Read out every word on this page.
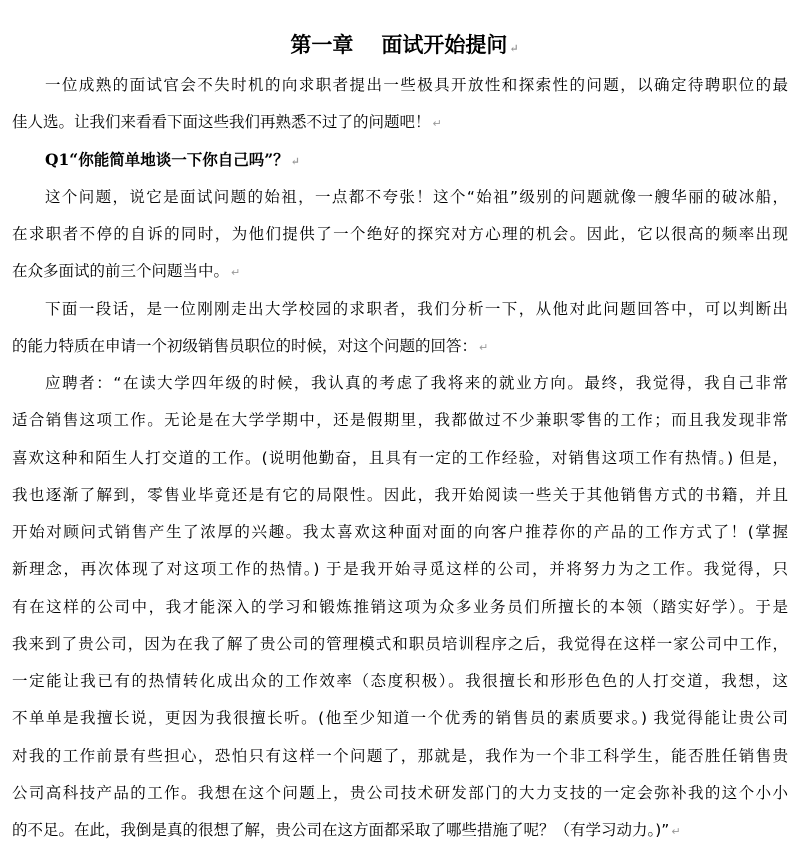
第一章 面试开始提问 ↵
一位成熟的面试官会不失时机的向求职者提出一些极具开放性和探索性的问题，以确定待聘职位的最
佳人选。让我们来看看下面这些我们再熟悉不过了的问题吧！ ↵
Q1“你能简单地谈一下你自己吗”？ ↵
这个问题，说它是面试问题的始祖，一点都不夸张！这个“始祖”级别的问题就像一艘华丽的破冰船，
在求职者不停的自诉的同时，为他们提供了一个绝好的探究对方心理的机会。因此，它以很高的频率出现
在众多面试的前三个问题当中。 ↵
下面一段话，是一位刚刚走出大学校园的求职者，我们分析一下，从他对此问题回答中，可以判断出
的能力特质在申请一个初级销售员职位的时候，对这个问题的回答： ↵
应聘者：“在读大学四年级的时候，我认真的考虑了我将来的就业方向。最终，我觉得，我自己非常
适合销售这项工作。无论是在大学学期中，还是假期里，我都做过不少兼职零售的工作；而且我发现非常
喜欢这种和陌生人打交道的工作。(说明他勤奋，且具有一定的工作经验，对销售这项工作有热情。) 但是，
我也逐渐了解到，零售业毕竟还是有它的局限性。因此，我开始阅读一些关于其他销售方式的书籍，并且
开始对顾问式销售产生了浓厚的兴趣。我太喜欢这种面对面的向客户推荐你的产品的工作方式了！(掌握
新理念，再次体现了对这项工作的热情。) 于是我开始寻觅这样的公司，并将努力为之工作。我觉得，只
有在这样的公司中，我才能深入的学习和锻炼推销这项为众多业务员们所擅长的本领（踏实好学）。于是
我来到了贵公司，因为在我了解了贵公司的管理模式和职员培训程序之后，我觉得在这样一家公司中工作，
一定能让我已有的热情转化成出众的工作效率（态度积极）。我很擅长和形形色色的人打交道，我想，这
不单单是我擅长说，更因为我很擅长听。(他至少知道一个优秀的销售员的素质要求。) 我觉得能让贵公司
对我的工作前景有些担心，恐怕只有这样一个问题了，那就是，我作为一个非工科学生，能否胜任销售贵
公司高科技产品的工作。我想在这个问题上，贵公司技术研发部门的大力支技的一定会弥补我的这个小小
的不足。在此，我倒是真的很想了解，贵公司在这方面都采取了哪些措施了呢？（有学习动力。)” ↵
